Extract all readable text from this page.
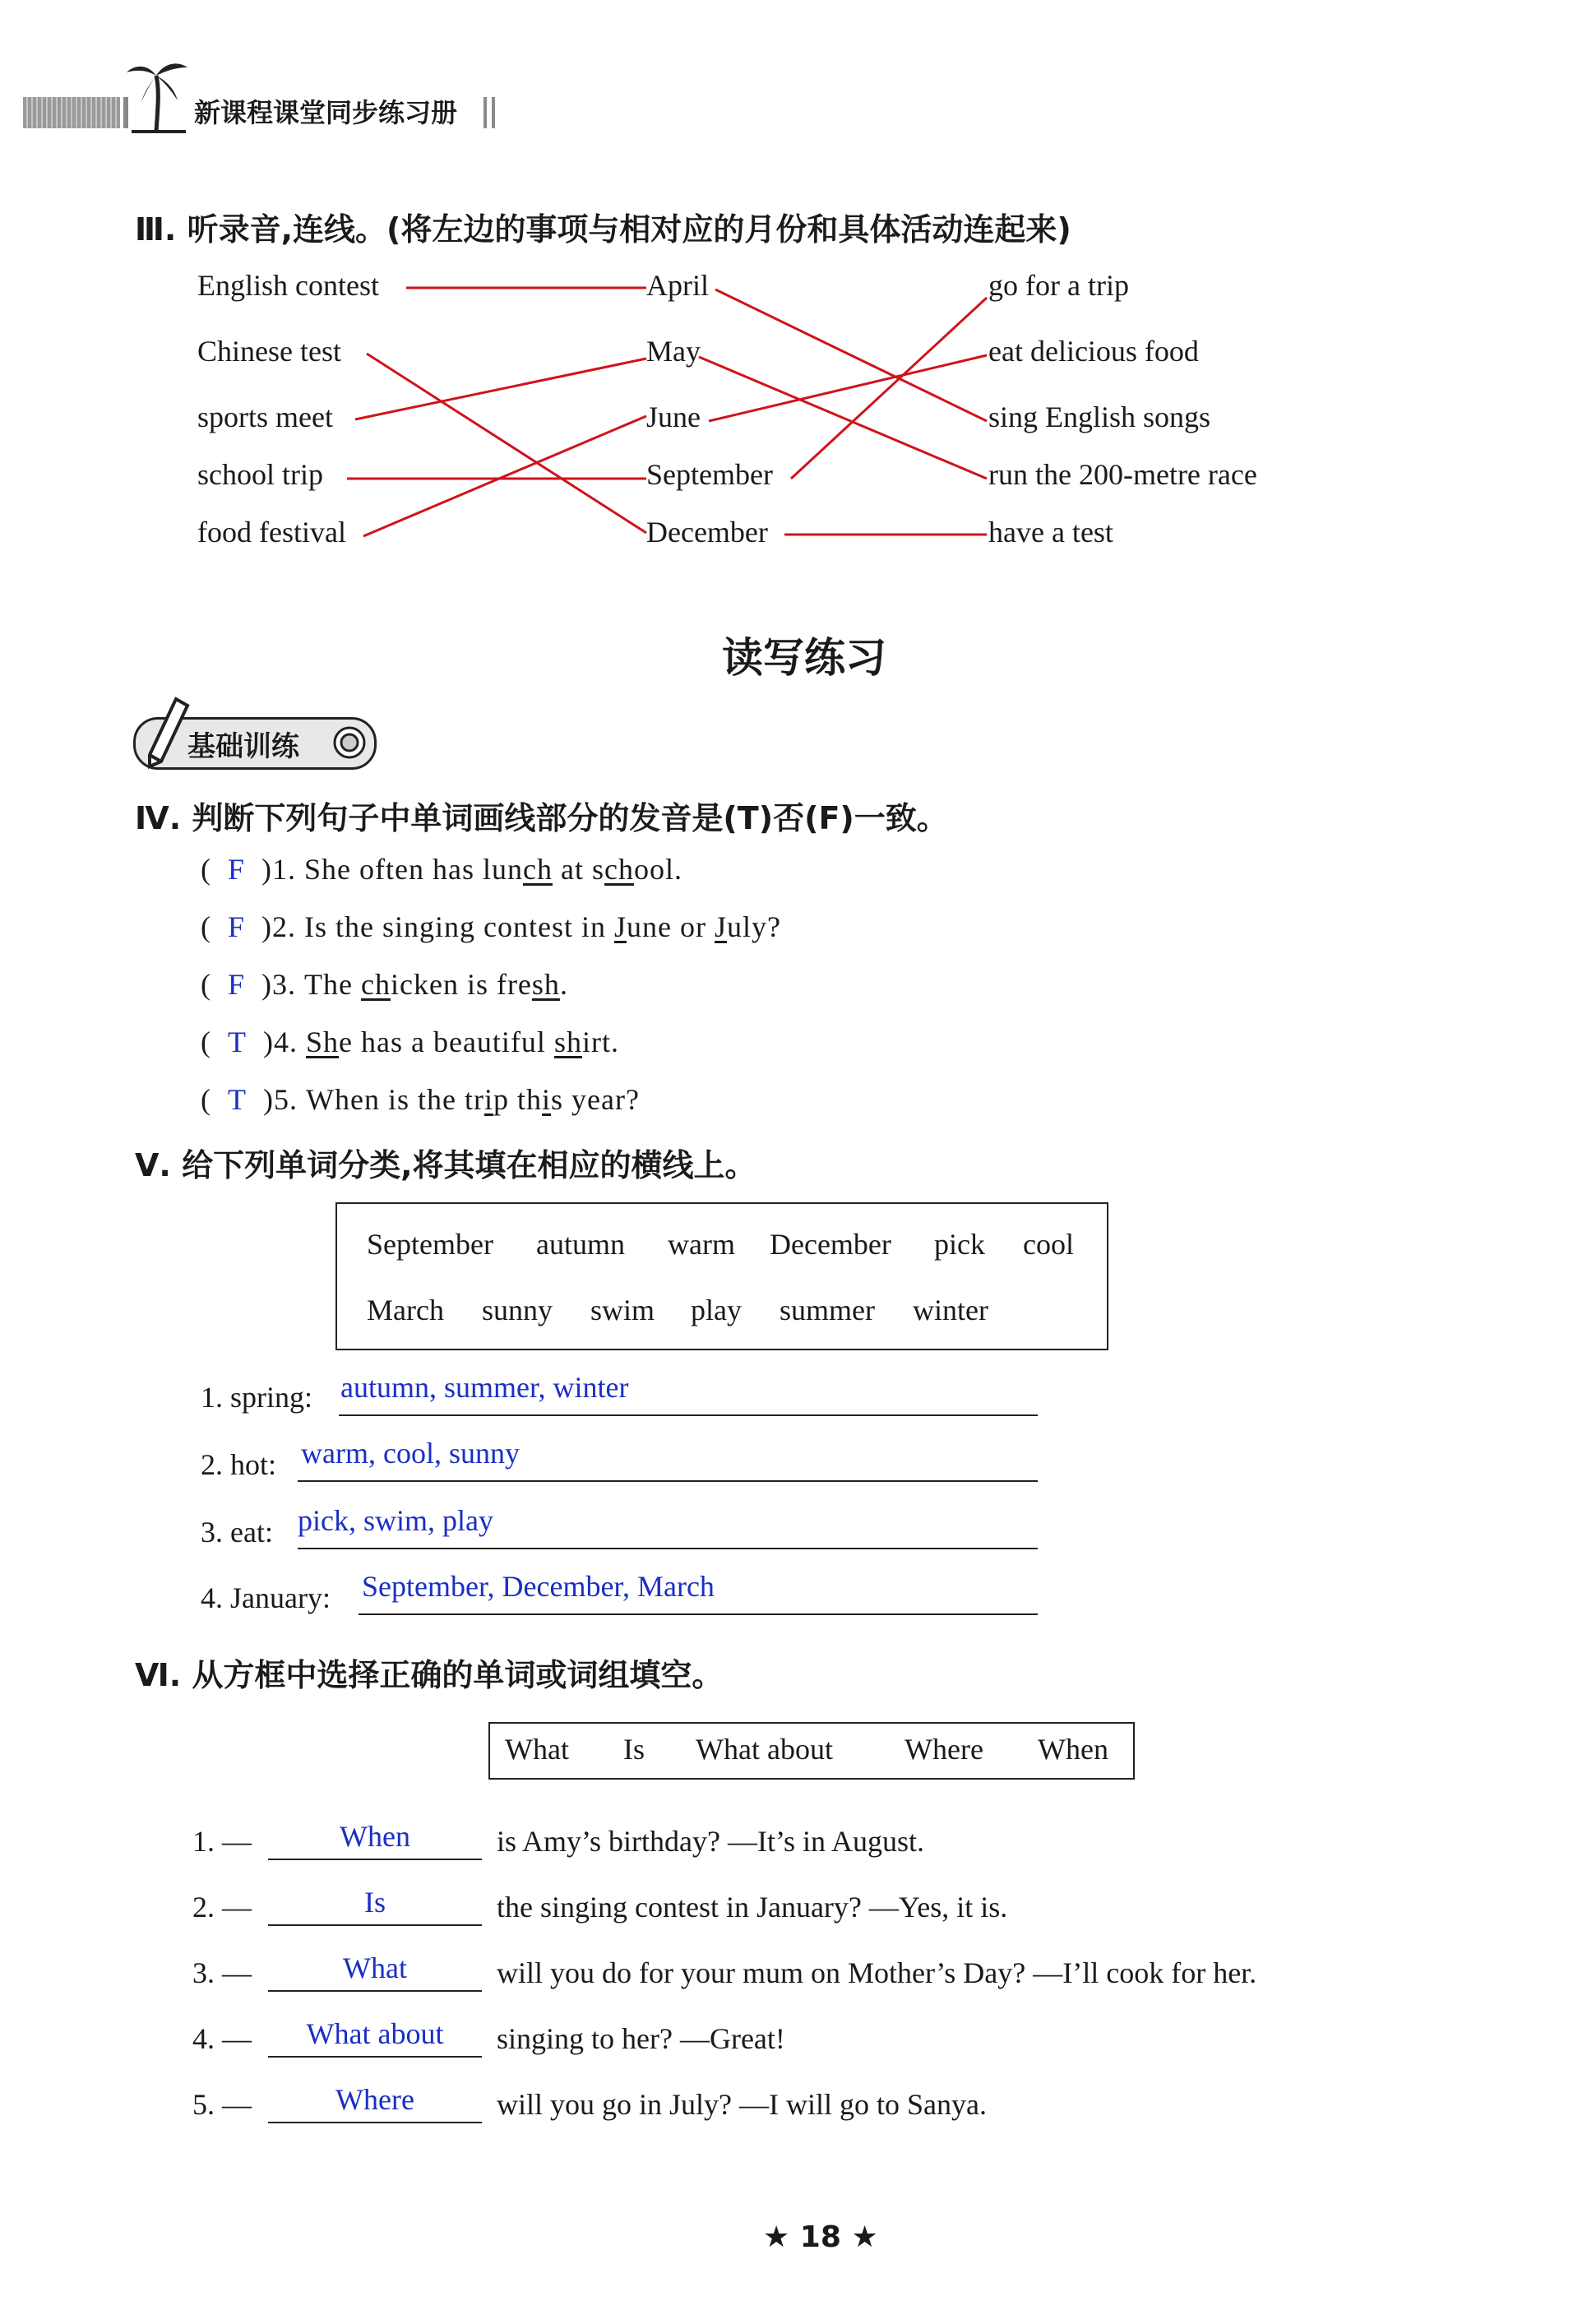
新课程课堂同步练习册
Ⅲ. 听录音,连线。(将左边的事项与相对应的月份和具体活动连起来)
English contest
Chinese test
sports meet
school trip
food festival
April
May
June
September
December
go for a trip
eat delicious food
sing English songs
run the 200-metre race
have a test
读写练习
基础训练
Ⅳ. 判断下列句子中单词画线部分的发音是(T)否(F)一致。
( F )1. She often has lunch at school.
( F )2. Is the singing contest in June or July?
( F )3. The chicken is fresh.
( T )4. She has a beautiful shirt.
( T )5. When is the trip this year?
Ⅴ. 给下列单词分类,将其填在相应的横线上。
September autumn warm December pick cool
March sunny swim play summer winter
1. spring: autumn, summer, winter
2. hot: warm, cool, sunny
3. eat: pick, swim, play
4. January: September, December, March
Ⅵ. 从方框中选择正确的单词或词组填空。
What Is What about Where When
1. —	When	is Amy’s birthday? —It’s in August.
2. —	Is	the singing contest in January? —Yes, it is.
3. —	What	will you do for your mum on Mother’s Day? —I’ll cook for her.
4. —	What about	singing to her? —Great!
5. —	Where	will you go in July? —I will go to Sanya.
★ 18 ★
